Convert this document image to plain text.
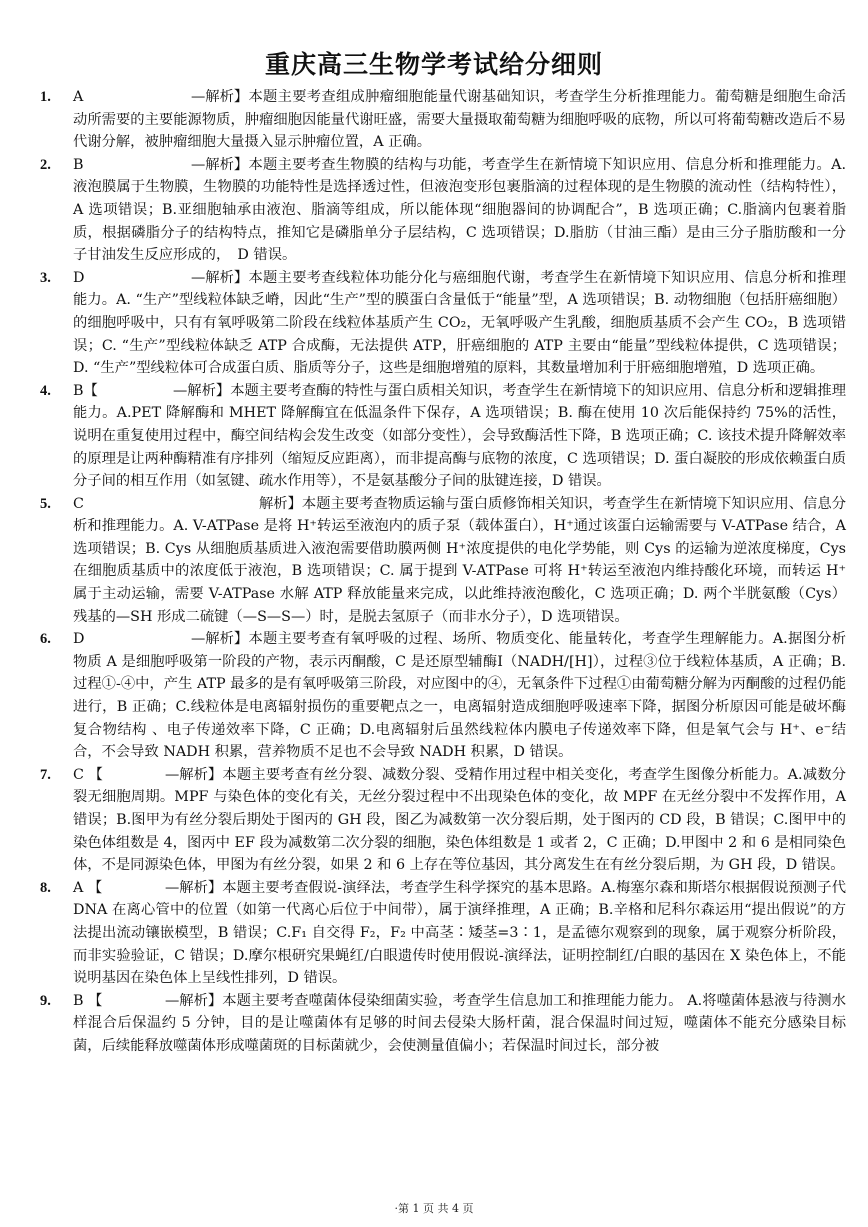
重庆高三生物学考试给分细则
1. A	—解析】本题主要考查组成肿瘤细胞能量代谢基础知识，考查学生分析推理能力。葡萄糖是细胞生命活动所需要的主要能源物质，肿瘤细胞因能量代谢旺盛，需要大量摄取葡萄糖为细胞呼吸的底物，所以可将葡萄糖改造后不易代谢分解，被肿瘤细胞大量摄入显示肿瘤位置，A 正确。
2. B	—解析】本题主要考查生物膜的结构与功能，考查学生在新情境下知识应用、信息分析和推理能力。A.液泡膜属于生物膜，生物膜的功能特性是选择透过性，但液泡变形包裹脂滴的过程体现的是生物膜的流动性（结构特性），A 选项错误；B.亚细胞轴承由液泡、脂滴等组成，所以能体现“细胞器间的协调配合”，B 选项正确；C.脂滴内包裹着脂质，根据磷脂分子的结构特点，推知它是磷脂单分子层结构，C 选项错误；D.脂肪（甘油三酯）是由三分子脂肪酸和一分子甘油发生反应形成的，　D 错误。
3. D	—解析】本题主要考查线粒体功能分化与癌细胞代谢，考查学生在新情境下知识应用、信息分析和推理能力。A. “生产”型线粒体缺乏嵴，因此“生产”型的膜蛋白含量低于“能量”型，A 选项错误；B. 动物细胞（包括肝癌细胞）的细胞呼吸中，只有有氧呼吸第二阶段在线粒体基质产生 CO₂，无氧呼吸产生乳酸，细胞质基质不会产生 CO₂，B 选项错误；C. “生产”型线粒体缺乏 ATP 合成酶，无法提供 ATP，肝癌细胞的 ATP 主要由“能量”型线粒体提供，C 选项错误；D. “生产”型线粒体可合成蛋白质、脂质等分子，这些是细胞增殖的原料，其数量增加利于肝癌细胞增殖，D 选项正确。
4. B【	—解析】本题主要考查酶的特性与蛋白质相关知识，考查学生在新情境下的知识应用、信息分析和逻辑推理能力。A.PET 降解酶和 MHET 降解酶宜在低温条件下保存，A 选项错误；B. 酶在使用 10 次后能保持约 75%的活性，说明在重复使用过程中，酶空间结构会发生改变（如部分变性），会导致酶活性下降，B 选项正确；C. 该技术提升降解效率的原理是让两种酶精准有序排列（缩短反应距离），而非提高酶与底物的浓度，C 选项错误；D. 蛋白凝胶的形成依赖蛋白质分子间的相互作用（如氢键、疏水作用等），不是氨基酸分子间的肽键连接，D 错误。
5. C	解析】本题主要考查物质运输与蛋白质修饰相关知识，考查学生在新情境下知识应用、信息分析和推理能力。A. V-ATPase 是将 H⁺转运至液泡内的质子泵（载体蛋白），H⁺通过该蛋白运输需要与 V-ATPase 结合，A 选项错误；B. Cys 从细胞质基质进入液泡需要借助膜两侧 H⁺浓度提供的电化学势能，则 Cys 的运输为逆浓度梯度，Cys 在细胞质基质中的浓度低于液泡，B 选项错误；C. 属于提到 V-ATPase 可将 H⁺转运至液泡内维持酸化环境，而转运 H⁺属于主动运输，需要 V-ATPase 水解 ATP 释放能量来完成，以此维持液泡酸化，C 选项正确；D. 两个半胱氨酸（Cys）残基的—SH 形成二硫键（—S—S—）时，是脱去氢原子（而非水分子），D 选项错误。
6. D	—解析】本题主要考查有氧呼吸的过程、场所、物质变化、能量转化，考查学生理解能力。A.据图分析物质 A 是细胞呼吸第一阶段的产物，表示丙酮酸，C 是还原型辅酶I（NADH/[H]），过程③位于线粒体基质，A 正确；B.过程①-④中，产生 ATP 最多的是有氧呼吸第三阶段，对应图中的④，无氧条件下过程①由葡萄糖分解为丙酮酸的过程仍能进行，B 正确；C.线粒体是电离辐射损伤的重要靶点之一，电离辐射造成细胞呼吸速率下降，据图分析原因可能是破坏酶复合物结构 、电子传递效率下降，C 正确；D.电离辐射后虽然线粒体内膜电子传递效率下降，但是氧气会与 H⁺、e⁻结合，不会导致 NADH 积累，营养物质不足也不会导致 NADH 积累，D 错误。
7. C 【	—解析】本题主要考查有丝分裂、减数分裂、受精作用过程中相关变化，考查学生图像分析能力。A.减数分裂无细胞周期。MPF 与染色体的变化有关，无丝分裂过程中不出现染色体的变化，故 MPF 在无丝分裂中不发挥作用，A 错误；B.图甲为有丝分裂后期处于图丙的 GH 段，图乙为减数第一次分裂后期，处于图丙的 CD 段，B 错误；C.图甲中的染色体组数是 4，图丙中 EF 段为减数第二次分裂的细胞，染色体组数是 1 或者 2，C 正确；D.甲图中 2 和 6 是相同染色体，不是同源染色体，甲图为有丝分裂，如果 2 和 6 上存在等位基因，其分离发生在有丝分裂后期，为 GH 段，D 错误。
8. A 【	—解析】本题主要考查假说-演绎法，考查学生科学探究的基本思路。A.梅塞尔森和斯塔尔根据假说预测子代 DNA 在离心管中的位置（如第一代离心后位于中间带），属于演绎推理，A 正确；B.辛格和尼科尔森运用“提出假说”的方法提出流动镶嵌模型，B 错误；C.F₁ 自交得 F₂，F₂ 中高茎∶矮茎=3∶1，是孟德尔观察到的现象，属于观察分析阶段，而非实验验证，C 错误；D.摩尔根研究果蝇红/白眼遗传时使用假说-演绎法，证明控制红/白眼的基因在 X 染色体上，不能说明基因在染色体上呈线性排列，D 错误。
9. B 【	—解析】本题主要考查噬菌体侵染细菌实验，考查学生信息加工和推理能力能力。 A.将噬菌体悬液与待测水样混合后保温约 5 分钟，目的是让噬菌体有足够的时间去侵染大肠杆菌，混合保温时间过短，噬菌体不能充分感染目标菌，后续能释放噬菌体形成噬菌斑的目标菌就少，会使测量值偏小；若保温时间过长，部分被
·第 1 页 共 4 页
